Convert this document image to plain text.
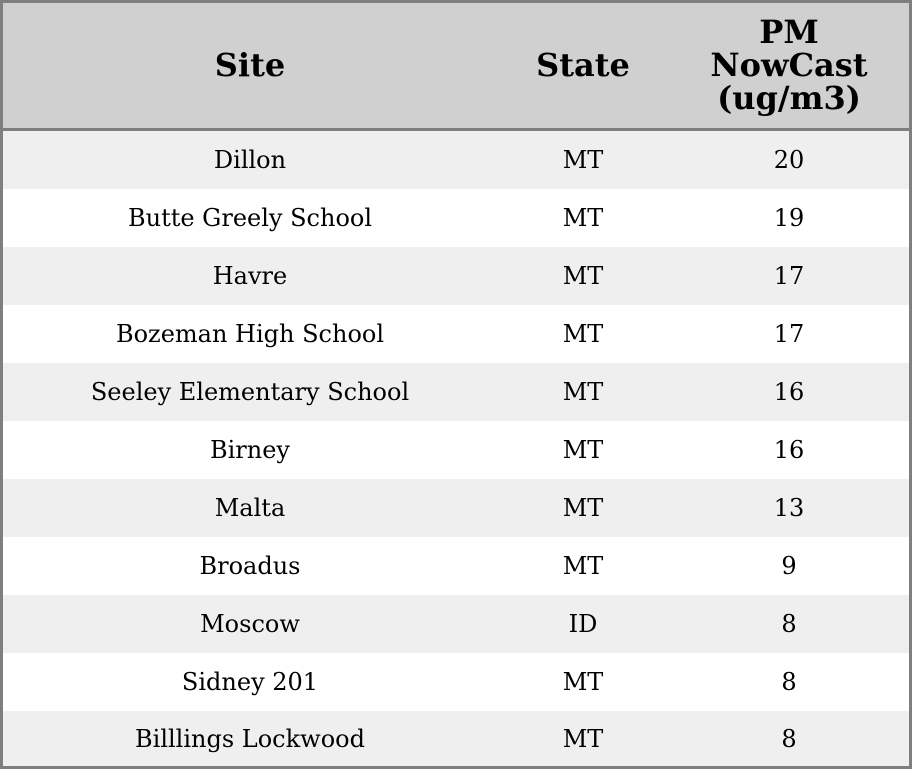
Site	State	PM
NowCast
(ug/m3)
Dillon	MT	20
Butte Greely School	MT	19
Havre	MT	17
Bozeman High School	MT	17
Seeley Elementary School	MT	16
Birney	MT	16
Malta	MT	13
Broadus	MT	9
Moscow	ID	8
Sidney 201	MT	8
Billlings Lockwood	MT	8
